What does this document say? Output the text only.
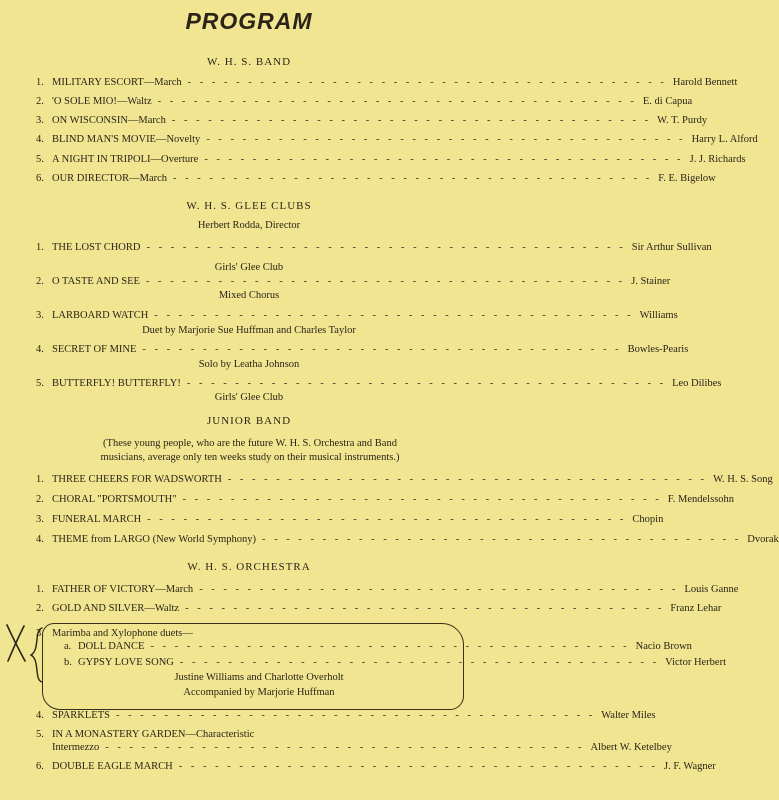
PROGRAM
W. H. S. BAND
1. MILITARY ESCORT—March - - - - - - - - - - - - - - - - - - - - - - - - - - - - - - - - - - - - - - - - Harold Bennett
2. 'O SOLE MIO!—Waltz - - - - - - - - - - - - - - - - - - - - - - - - - - - - - - - - - - - - - - - - E. di Capua
3. ON WISCONSIN—March - - - - - - - - - - - - - - - - - - - - - - - - - - - - - - - - - - - - - - - - W. T. Purdy
4. BLIND MAN'S MOVIE—Novelty - - - - - - - - - - - - - - - - - - - - - - - - - - - - - - - - - - - - - - - - Harry L. Alford
5. A NIGHT IN TRIPOLI—Overture - - - - - - - - - - - - - - - - - - - - - - - - - - - - - - - - - - - - - - - - J. J. Richards
6. OUR DIRECTOR—March - - - - - - - - - - - - - - - - - - - - - - - - - - - - - - - - - - - - - - - - F. E. Bigelow
W. H. S. GLEE CLUBS
Herbert Rodda, Director
1. THE LOST CHORD - - - - - - - - - - - - - - - - - - - - - - - - - - - - - - - - - - - - - - - - Sir Arthur Sullivan
Girls' Glee Club
2. O TASTE AND SEE - - - - - - - - - - - - - - - - - - - - - - - - - - - - - - - - - - - - - - - - J. Stainer
Mixed Chorus
3. LARBOARD WATCH - - - - - - - - - - - - - - - - - - - - - - - - - - - - - - - - - - - - - - - - Williams
Duet by Marjorie Sue Huffman and Charles Taylor
4. SECRET OF MINE - - - - - - - - - - - - - - - - - - - - - - - - - - - - - - - - - - - - - - - - Bowles-Pearis
Solo by Leatha Johnson
5. BUTTERFLY! BUTTERFLY! - - - - - - - - - - - - - - - - - - - - - - - - - - - - - - - - - - - - - - - - Leo Dilibes
Girls' Glee Club
JUNIOR BAND
(These young people, who are the future W. H. S. Orchestra and Band
musicians, average only ten weeks study on their musical instruments.)
1. THREE CHEERS FOR WADSWORTH - - - - - - - - - - - - - - - - - - - - - - - - - - - - - - - - - - - - - - - - W. H. S. Song
2. CHORAL "PORTSMOUTH" - - - - - - - - - - - - - - - - - - - - - - - - - - - - - - - - - - - - - - - - F. Mendelssohn
3. FUNERAL MARCH - - - - - - - - - - - - - - - - - - - - - - - - - - - - - - - - - - - - - - - - Chopin
4. THEME from LARGO (New World Symphony) - - - - - - - - - - - - - - - - - - - - - - - - - - - - - - - - - - - - - - - - Dvorak
W. H. S. ORCHESTRA
1. FATHER OF VICTORY—March - - - - - - - - - - - - - - - - - - - - - - - - - - - - - - - - - - - - - - - - Louis Ganne
2. GOLD AND SILVER—Waltz - - - - - - - - - - - - - - - - - - - - - - - - - - - - - - - - - - - - - - - - Franz Lehar
3. Marimba and Xylophone duets—
a. DOLL DANCE - - - - - - - - - - - - - - - - - - - - - - - - - - - - - - - - - - - - - - - - Nacio Brown
b. GYPSY LOVE SONG - - - - - - - - - - - - - - - - - - - - - - - - - - - - - - - - - - - - - - - - Victor Herbert
Justine Williams and Charlotte Overholt
Accompanied by Marjorie Huffman
4. SPARKLETS - - - - - - - - - - - - - - - - - - - - - - - - - - - - - - - - - - - - - - - - Walter Miles
5. IN A MONASTERY GARDEN—Characteristic
Intermezzo - - - - - - - - - - - - - - - - - - - - - - - - - - - - - - - - - - - - - - - - Albert W. Ketelbey
6. DOUBLE EAGLE MARCH - - - - - - - - - - - - - - - - - - - - - - - - - - - - - - - - - - - - - - - - J. F. Wagner
